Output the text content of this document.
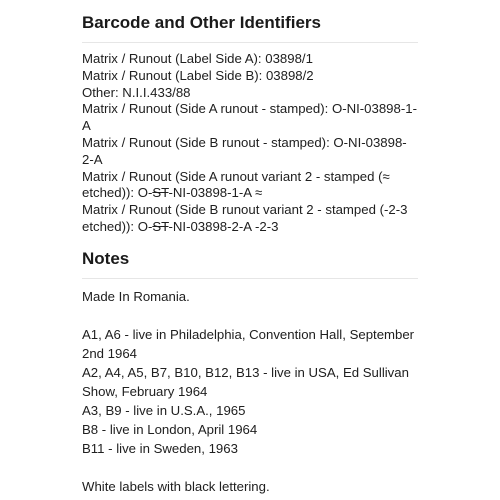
Barcode and Other Identifiers
Matrix / Runout (Label Side A): 03898/1
Matrix / Runout (Label Side B): 03898/2
Other: N.I.I.433/88
Matrix / Runout (Side A runout - stamped): O-NI-03898-1-A
Matrix / Runout (Side B runout - stamped): O-NI-03898-2-A
Matrix / Runout (Side A runout variant 2 - stamped (≈ etched)): O-ST-NI-03898-1-A ≈
Matrix / Runout (Side B runout variant 2 - stamped (-2-3 etched)): O-ST-NI-03898-2-A -2-3
Notes

Made In Romania.

A1, A6 - live in Philadelphia, Convention Hall, September 2nd 1964

A2, A4, A5, B7, B10, B12, B13 - live in USA, Ed Sullivan Show, February 1964

A3, B9 - live in U.S.A., 1965

B8 - live in London, April 1964

B11 - live in Sweden, 1963

White labels with black lettering.
